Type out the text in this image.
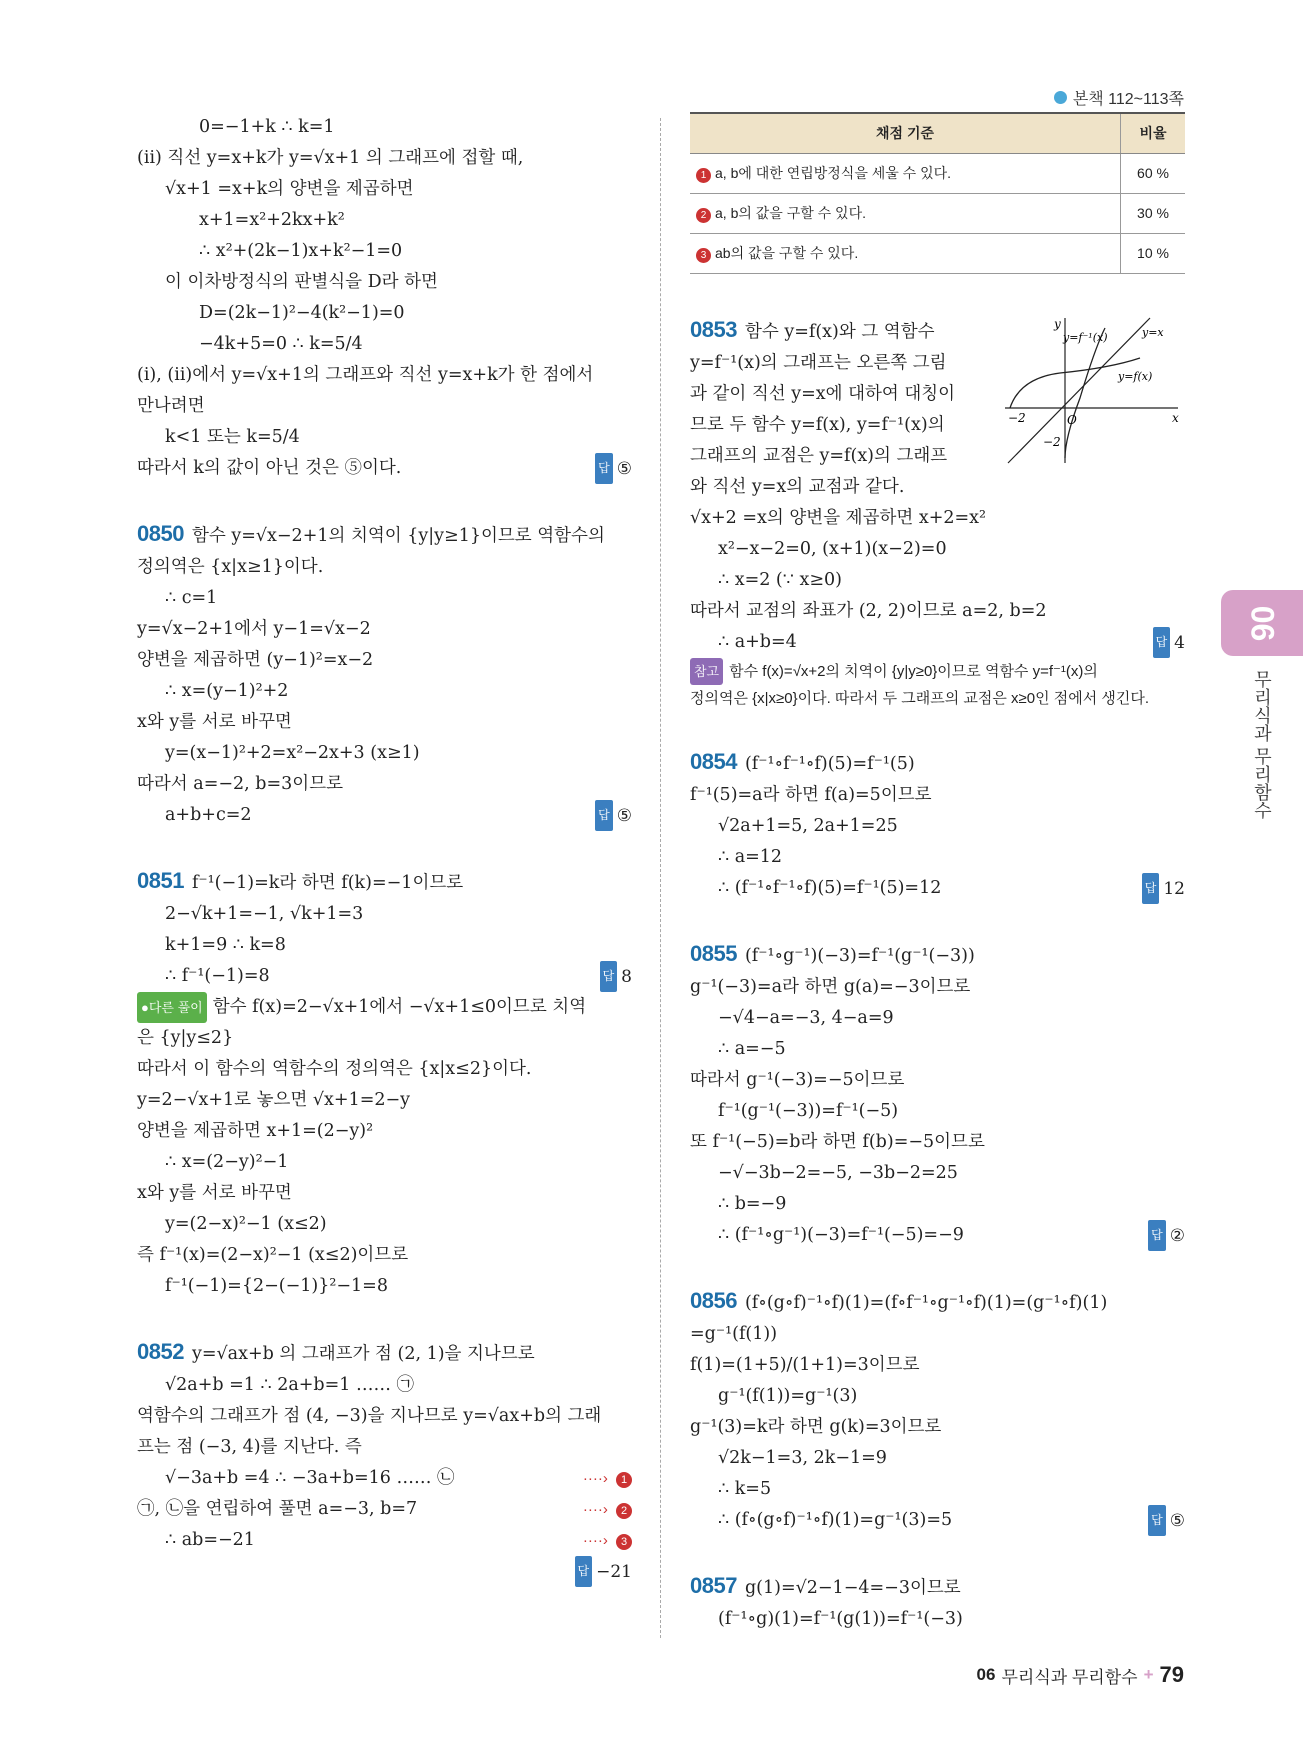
본책 112~113쪽
0=−1+k ∴ k=1
(ⅱ) 직선 y=x+k가 y=√x+1 의 그래프에 접할 때,
√x+1 =x+k의 양변을 제곱하면
x+1=x²+2kx+k²
∴ x²+(2k−1)x+k²−1=0
이 이차방정식의 판별식을 D라 하면
D=(2k−1)²−4(k²−1)=0
−4k+5=0 ∴ k=5/4
(ⅰ), (ⅱ)에서 y=√x+1의 그래프와 직선 y=x+k가 한 점에서
만나려면
k<1 또는 k=5/4
따라서 k의 값이 아닌 것은 ⑤이다.	답 ⑤
0850 함수 y=√x−2+1의 치역이 {y|y≥1}이므로 역함수의
정의역은 {x|x≥1}이다.
∴ c=1
y=√x−2+1에서 y−1=√x−2
양변을 제곱하면 (y−1)²=x−2
∴ x=(y−1)²+2
x와 y를 서로 바꾸면
y=(x−1)²+2=x²−2x+3 (x≥1)
따라서 a=−2, b=3이므로
a+b+c=2	답 ⑤
0851 f⁻¹(−1)=k라 하면 f(k)=−1이므로
2−√k+1=−1, √k+1=3
k+1=9 ∴ k=8
∴ f⁻¹(−1)=8	답 8
●다른 풀이 함수 f(x)=2−√x+1에서 −√x+1≤0이므로 치역
은 {y|y≤2}
따라서 이 함수의 역함수의 정의역은 {x|x≤2}이다.
y=2−√x+1로 놓으면 √x+1=2−y
양변을 제곱하면 x+1=(2−y)²
∴ x=(2−y)²−1
x와 y를 서로 바꾸면
y=(2−x)²−1 (x≤2)
즉 f⁻¹(x)=(2−x)²−1 (x≤2)이므로
f⁻¹(−1)={2−(−1)}²−1=8
0852 y=√ax+b 의 그래프가 점 (2, 1)을 지나므로
√2a+b =1 ∴ 2a+b=1 …… ㉠
역함수의 그래프가 점 (4, −3)을 지나므로 y=√ax+b의 그래
프는 점 (−3, 4)를 지난다. 즉
√−3a+b =4 ∴ −3a+b=16 …… ㉡	····› 1
㉠, ㉡을 연립하여 풀면 a=−3, b=7	····› 2
∴ ab=−21	····› 3
답 −21
채점 기준	비율
1 a, b에 대한 연립방정식을 세울 수 있다.	60 %
2 a, b의 값을 구할 수 있다.	30 %
3 ab의 값을 구할 수 있다.	10 %
0853 함수 y=f(x)와 그 역함수
y=f⁻¹(x)의 그래프는 오른쪽 그림
과 같이 직선 y=x에 대하여 대칭이
므로 두 함수 y=f(x), y=f⁻¹(x)의
그래프의 교점은 y=f(x)의 그래프
와 직선 y=x의 교점과 같다.
√x+2 =x의 양변을 제곱하면 x+2=x²
x²−x−2=0, (x+1)(x−2)=0
∴ x=2 (∵ x≥0)
따라서 교점의 좌표가 (2, 2)이므로 a=2, b=2
∴ a+b=4	답 4
y
x
O
−2
−2
y=f⁻¹(x)	y=x
y=f(x)
참고 함수 f(x)=√x+2의 치역이 {y|y≥0}이므로 역함수 y=f⁻¹(x)의
정의역은 {x|x≥0}이다. 따라서 두 그래프의 교점은 x≥0인 점에서 생긴다.
0854 (f⁻¹∘f⁻¹∘f)(5)=f⁻¹(5)
f⁻¹(5)=a라 하면 f(a)=5이므로
√2a+1=5, 2a+1=25
∴ a=12
∴ (f⁻¹∘f⁻¹∘f)(5)=f⁻¹(5)=12	답 12
0855 (f⁻¹∘g⁻¹)(−3)=f⁻¹(g⁻¹(−3))
g⁻¹(−3)=a라 하면 g(a)=−3이므로
−√4−a=−3, 4−a=9
∴ a=−5
따라서 g⁻¹(−3)=−5이므로
f⁻¹(g⁻¹(−3))=f⁻¹(−5)
또 f⁻¹(−5)=b라 하면 f(b)=−5이므로
−√−3b−2=−5, −3b−2=25
∴ b=−9
∴ (f⁻¹∘g⁻¹)(−3)=f⁻¹(−5)=−9	답 ②
0856 (f∘(g∘f)⁻¹∘f)(1)=(f∘f⁻¹∘g⁻¹∘f)(1)=(g⁻¹∘f)(1)
=g⁻¹(f(1))
f(1)=(1+5)/(1+1)=3이므로
g⁻¹(f(1))=g⁻¹(3)
g⁻¹(3)=k라 하면 g(k)=3이므로
√2k−1=3, 2k−1=9
∴ k=5
∴ (f∘(g∘f)⁻¹∘f)(1)=g⁻¹(3)=5	답 ⑤
0857 g(1)=√2−1−4=−3이므로
(f⁻¹∘g)(1)=f⁻¹(g(1))=f⁻¹(−3)
06
무리식과 무리함수
06 무리식과 무리함수 + 79
